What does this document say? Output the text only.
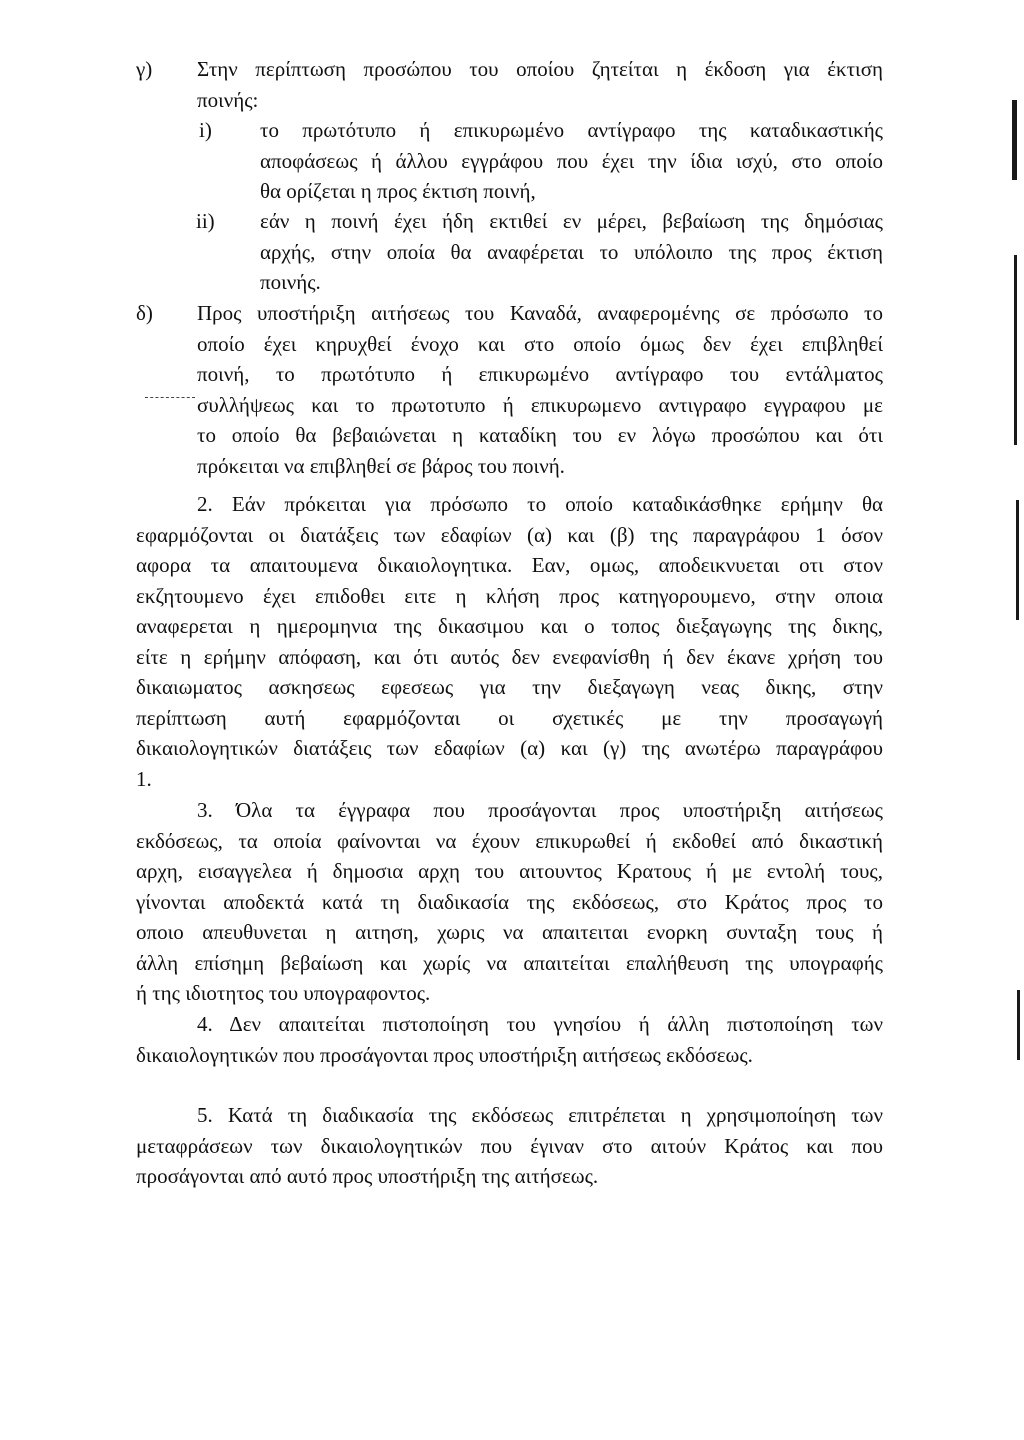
γ) Στην περίπτωση προσώπου του οποίου ζητείται η έκδοση για έκτιση
ποινής:
i) το πρωτότυπο ή επικυρωμένο αντίγραφο της καταδικαστικής
αποφάσεως ή άλλου εγγράφου που έχει την ίδια ισχύ, στο οποίο
θα ορίζεται η προς έκτιση ποινή,
ii) εάν η ποινή έχει ήδη εκτιθεί εν μέρει, βεβαίωση της δημόσιας
αρχής, στην οποία θα αναφέρεται το υπόλοιπο της προς έκτιση
ποινής.
δ) Προς υποστήριξη αιτήσεως του Καναδά, αναφερομένης σε πρόσωπο το
οποίο έχει κηρυχθεί ένοχο και στο οποίο όμως δεν έχει επιβληθεί
ποινή, το πρωτότυπο ή επικυρωμένο αντίγραφο του εντάλματος
συλλήψεως και το πρωτοτυπο ή επικυρωμενο αντιγραφο εγγραφου με
το οποίο θα βεβαιώνεται η καταδίκη του εν λόγω προσώπου και ότι
πρόκειται να επιβληθεί σε βάρος του ποινή.
2. Εάν πρόκειται για πρόσωπο το οποίο καταδικάσθηκε ερήμην θα
εφαρμόζονται οι διατάξεις των εδαφίων (α) και (β) της παραγράφου 1 όσον
αφορα τα απαιτουμενα δικαιολογητικα. Εαν, ομως, αποδεικνυεται οτι στον
εκζητουμενο έχει επιδοθει ειτε η κλήση προς κατηγορουμενο, στην οποια
αναφερεται η ημερομηνια της δικασιμου και ο τοπος διεξαγωγης της δικης,
είτε η ερήμην απόφαση, και ότι αυτός δεν ενεφανίσθη ή δεν έκανε χρήση του
δικαιωματος ασκησεως εφεσεως για την διεξαγωγη νεας δικης, στην
περίπτωση αυτή εφαρμόζονται οι σχετικές με την προσαγωγή
δικαιολογητικών διατάξεις των εδαφίων (α) και (γ) της ανωτέρω παραγράφου
1.
3. Όλα τα έγγραφα που προσάγονται προς υποστήριξη αιτήσεως
εκδόσεως, τα οποία φαίνονται να έχουν επικυρωθεί ή εκδοθεί από δικαστική
αρχη, εισαγγελεα ή δημοσια αρχη του αιτουντος Κρατους ή με εντολή τους,
γίνονται αποδεκτά κατά τη διαδικασία της εκδόσεως, στο Κράτος προς το
οποιο απευθυνεται η αιτηση, χωρις να απαιτειται ενορκη συνταξη τους ή
άλλη επίσημη βεβαίωση και χωρίς να απαιτείται επαλήθευση της υπογραφής
ή της ιδιοτητος του υπογραφοντος.
4. Δεν απαιτείται πιστοποίηση του γνησίου ή άλλη πιστοποίηση των
δικαιολογητικών που προσάγονται προς υποστήριξη αιτήσεως εκδόσεως.
5. Κατά τη διαδικασία της εκδόσεως επιτρέπεται η χρησιμοποίηση των
μεταφράσεων των δικαιολογητικών που έγιναν στο αιτούν Κράτος και που
προσάγονται από αυτό προς υποστήριξη της αιτήσεως.
